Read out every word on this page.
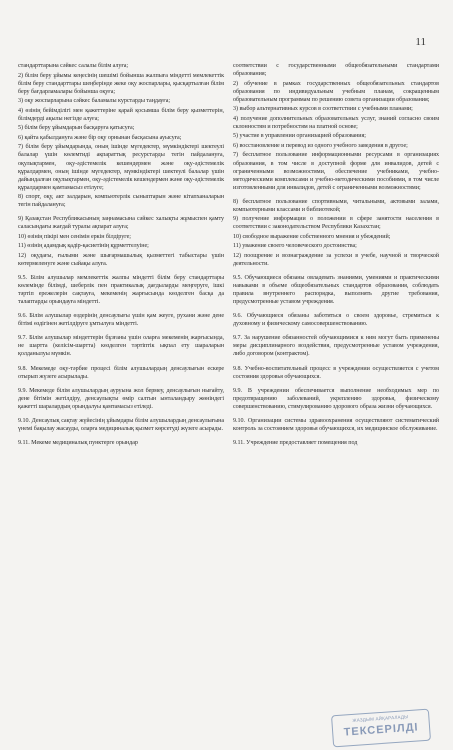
11

стандарттарына сәйкес салалы білім алуға;

2) білім беру ұйымы кеңесінің шешімі бойынша жалпыға міндетті мемлекеттік білім беру стандарттары шеңберінде жеке оқу жоспарлары, қысқартылған білім беру бағдарламалары бойынша оқуға;

3) оқу жоспарларына сәйкес баламалы курстарды таңдауға;

4) өзінің бейімділігі мен қажеттеріне қарай қосымша білім беру қызметтерін, білімдерді ақылы негізде алуға;

5) білім беру ұйымдарын басқаруға қатысуға;

6) қайта қабылдануға және бір оқу орнынан басқасына ауысуға;

7) білім беру ұйымдарында, оның ішінде мүгедектер, мүмкіндіктері шектеулі балалар үшін көлемтиді ақпараттық ресурстарды тегін пайдалануға, оқулықтармен, оқу-әдістемелік кешендермен және оқу-әдістемелік құралдармен, оның ішінде мүгедектер, мүмкіндіктері шектеулі балалар үшін дайындалған оқулықтармен, оқу-әдістемелік кешендермен және оқу-әдістемелік құралдармен қамтамасыз етілуге;

8) спорт, оқу, акт залдарын, компьютерлік сыныптарын және кітапханаларын тегін пайдалануға;

9) Қазақстан Республикасының заңнамасына сәйкес халықты жұмыспен қамту саласындағы жағдай туралы ақпарат алуға;

10) өзінің пікірі мен сенімін еркін білдіруге;

11) өзінің адамдық қадір-қасиетінің құрметтелуіне;

12) оқудағы, ғылыми және шығармашылық қызметтегі табыстары үшін көтермеленуге және сыйақы алуға.

9.5. Білім алушылар мемлекеттік жалпы міндетті білім беру стандарттары көлемінде білімді, шеберлік пен практикалық дағдыларды меңгеруге, ішкі тәртіп ережелерін сақтауға, мекеменің жарғысында көзделген басқа да талаптарды орындауға міндетті.

9.6. Білім алушылар өздерінің денсаулығы үшін қам жеуге, рухани және дене бітімі өздігінен жетілдіруге ұмтылуға міндетті.

9.7. Білім алушылар міндеттерін бұзғаны үшін оларға мекеменің жарғысында, не шартта (келісім-шартта) көзделген тәртіптік ықпал ету шараларын қолданылуы мүмкін.

9.8. Мекемеде оқу-тәрбие процесі білім алушылардың денсаулығын ескере отырып жүзеге асырылады.

9.9. Мекемеде білім алушылардың ауруына жол бермеу, денсаулығын нығайту, дене бітімін жетілдіру, денсаулықты өмір салтын ынталандыру жөніндегі қажетті шаралардың орындалуы қамтамасыз етіледі.

9.10. Денсаулық сақтау жүйесінің ұйымдары білім алушылардың денсаулығына үнемі бақылау жасауды, оларға медициналық қызмет көрсетуді жүзеге асырады.

9.11. Мекеме медициналық пунктерге орындар

соответствии с государственными общеобязательными стандартами образования;

2) обучение в рамках государственных общеобязательных стандартов образования по индивидуальным учебным планам, сокращенным образовательным программам по решению совета организации образования;

3) выбор альтернативных курсов в соответствии с учебными планами;

4) получение дополнительных образовательных услуг, знаний согласно своим склонностям и потребностям на платной основе;

5) участие в управлении организацией образования;

6) восстановление и перевод из одного учебного заведения в другое;

7) бесплатное пользование информационными ресурсами в организациях образования, в том числе в доступной форме для инвалидов, детей с ограниченными возможностями, обеспечение учебниками, учебно-методическими комплексами и учебно-методическими пособиями, в том числе изготовленными для инвалидов, детей с ограниченными возможностями;

8) бесплатное пользование спортивными, читальными, актовыми залами, компьютерными классами и библиотекой;

9) получение информации о положении в сфере занятости населения в соответствии с законодательством Республики Казахстан;

10) свободное выражение собственного мнения и убеждений;

11) уважение своего человеческого достоинства;

12) поощрение и вознаграждение за успехи в учебе, научной и творческой деятельности.

9.5. Обучающиеся обязаны овладевать знаниями, умениями и практическими навыками в объеме общеобязательных стандартов образования, соблюдать правила внутреннего распорядка, выполнять другие требования, предусмотренные уставом учреждения.

9.6. Обучающиеся обязаны заботиться о своем здоровье, стремиться к духовному и физическому самосовершенствованию.

9.7. За нарушение обязанностей обучающимися к ним могут быть применены меры дисциплинарного воздействия, предусмотренные уставом учреждения, либо договором (контрактом).

9.8. Учебно-воспитательный процесс в учреждении осуществляется с учетом состояния здоровья обучающихся.

9.9. В учреждении обеспечивается выполнение необходимых мер по предотвращению заболеваний, укреплению здоровья, физическому совершенствованию, стимулированию здорового образа жизни обучающихся.

9.10. Организации системы здравоохранения осуществляют систематический контроль за состоянием здоровья обучающихся, их медицинское обслуживание.

9.11. Учреждение предоставляет помещения под

ЖАЗДЫМ АЙҚАРАЛАДЫ
ТЕКСЕРІЛДІ
